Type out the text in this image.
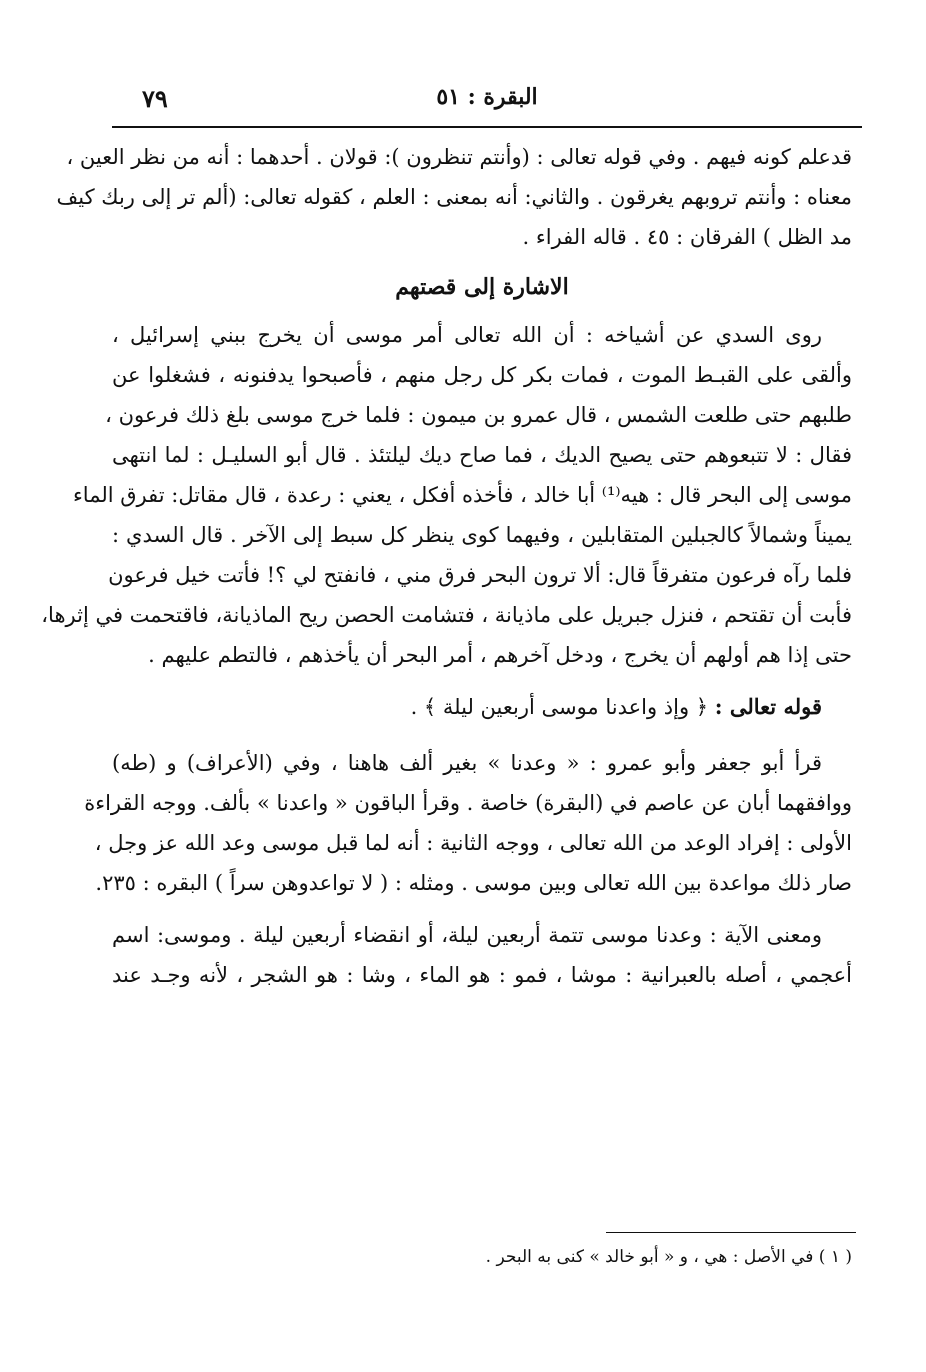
٧٩	البقرة : ٥١
قدعلم كونه فيهم . وفي قوله تعالى : (وأنتم تنظرون ): قولان . أحدهما : أنه من نظر العين ،
معناه : وأنتم تروبهم يغرقون . والثاني: أنه بمعنى : العلم ، كقوله تعالى: (ألم تر إلى ربك كيف
مد الظل ) الفرقان : ٤٥ . قاله الفراء .
الاشارة إلى قصتهم
روى السدي عن أشياخه : أن الله تعالى أمر موسى أن يخرج ببني إسرائيل ،
وألقى على القبـط الموت ، فمات بكر كل رجل منهم ، فأصبحوا يدفنونه ، فشغلوا عن
طلبهم حتى طلعت الشمس ، قال عمرو بن ميمون : فلما خرج موسى بلغ ذلك فرعون ،
فقال : لا تتبعوهم حتى يصيح الديك ، فما صاح ديك ليلتئذ . قال أبو السليـل : لما انتهى
موسى إلى البحر قال : هيه⁽¹⁾ أبا خالد ، فأخذه أفكل ، يعني : رعدة ، قال مقاتل: تفرق الماء
يميناً وشمالاً كالجبلين المتقابلين ، وفيهما كوى ينظر كل سبط إلى الآخر . قال السدي :
فلما رآه فرعون متفرقاً قال: ألا ترون البحر فرق مني ، فانفتح لي ؟! فأتت خيل فرعون
فأبت أن تقتحم ، فنزل جبريل على ماذيانة ، فتشامت الحصن ريح الماذيانة، فاقتحمت في إثرها،
حتى إذا هم أولهم أن يخرج ، ودخل آخرهم ، أمر البحر أن يأخذهم ، فالتطم عليهم .
قوله تعالى : ﴿ وإذ واعدنا موسى أربعين ليلة ﴾ .
قرأ أبو جعفر وأبو عمرو : « وعدنا » بغير ألف هاهنا ، وفي (الأعراف) و (طه)
ووافقهما أبان عن عاصم في (البقرة) خاصة . وقرأ الباقون « واعدنا » بألف. ووجه القراءة
الأولى : إفراد الوعد من الله تعالى ، ووجه الثانية : أنه لما قبل موسى وعد الله عز وجل ،
صار ذلك مواعدة بين الله تعالى وبين موسى . ومثله : ( لا تواعدوهن سراً ) البقره : ٢٣٥.
ومعنى الآية : وعدنا موسى تتمة أربعين ليلة، أو انقضاء أربعين ليلة . وموسى: اسم
أعجمي ، أصله بالعبرانية : موشا ، فمو : هو الماء ، وشا : هو الشجر ، لأنه وجـد عند
( ١ ) في الأصل : هي ، و « أبو خالد » كنى به البحر .
